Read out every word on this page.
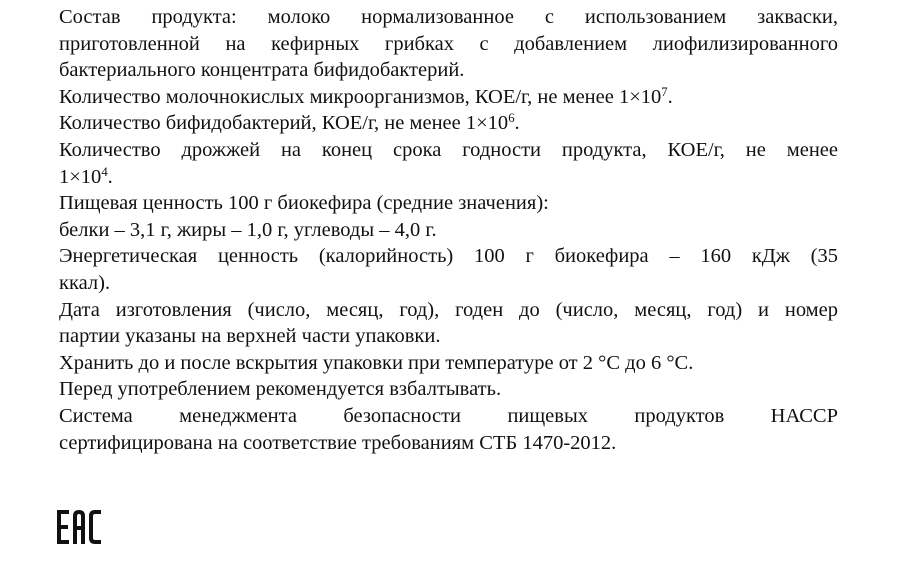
Состав продукта: молоко нормализованное с использованием закваски,
приготовленной на кефирных грибках с добавлением лиофилизированного
бактериального концентрата бифидобактерий.

Количество молочнокислых микроорганизмов, КОЕ/г, не менее $1\times 10^7$.

Количество бифидобактерий, КОЕ/г, не менее $1\times 10^6$.

Количество дрожжей на конец срока годности продукта, КОЕ/г, не менее
$1\times 10^4$.

Пищевая ценность 100 г биокефира (средние значения):

белки – 3,1 г, жиры – 1,0 г, углеводы – 4,0 г.

Энергетическая ценность (калорийность) 100 г биокефира – 160 кДж (35
ккал).

Дата изготовления (число, месяц, год), годен до (число, месяц, год) и номер
партии указаны на верхней части упаковки.

Хранить до и после вскрытия упаковки при температуре от 2 °С до 6 °С.

Перед употреблением рекомендуется взбалтывать.

Система менеджмента безопасности пищевых продуктов НАССР
сертифицирована на соответствие требованиям СТБ 1470-2012.
